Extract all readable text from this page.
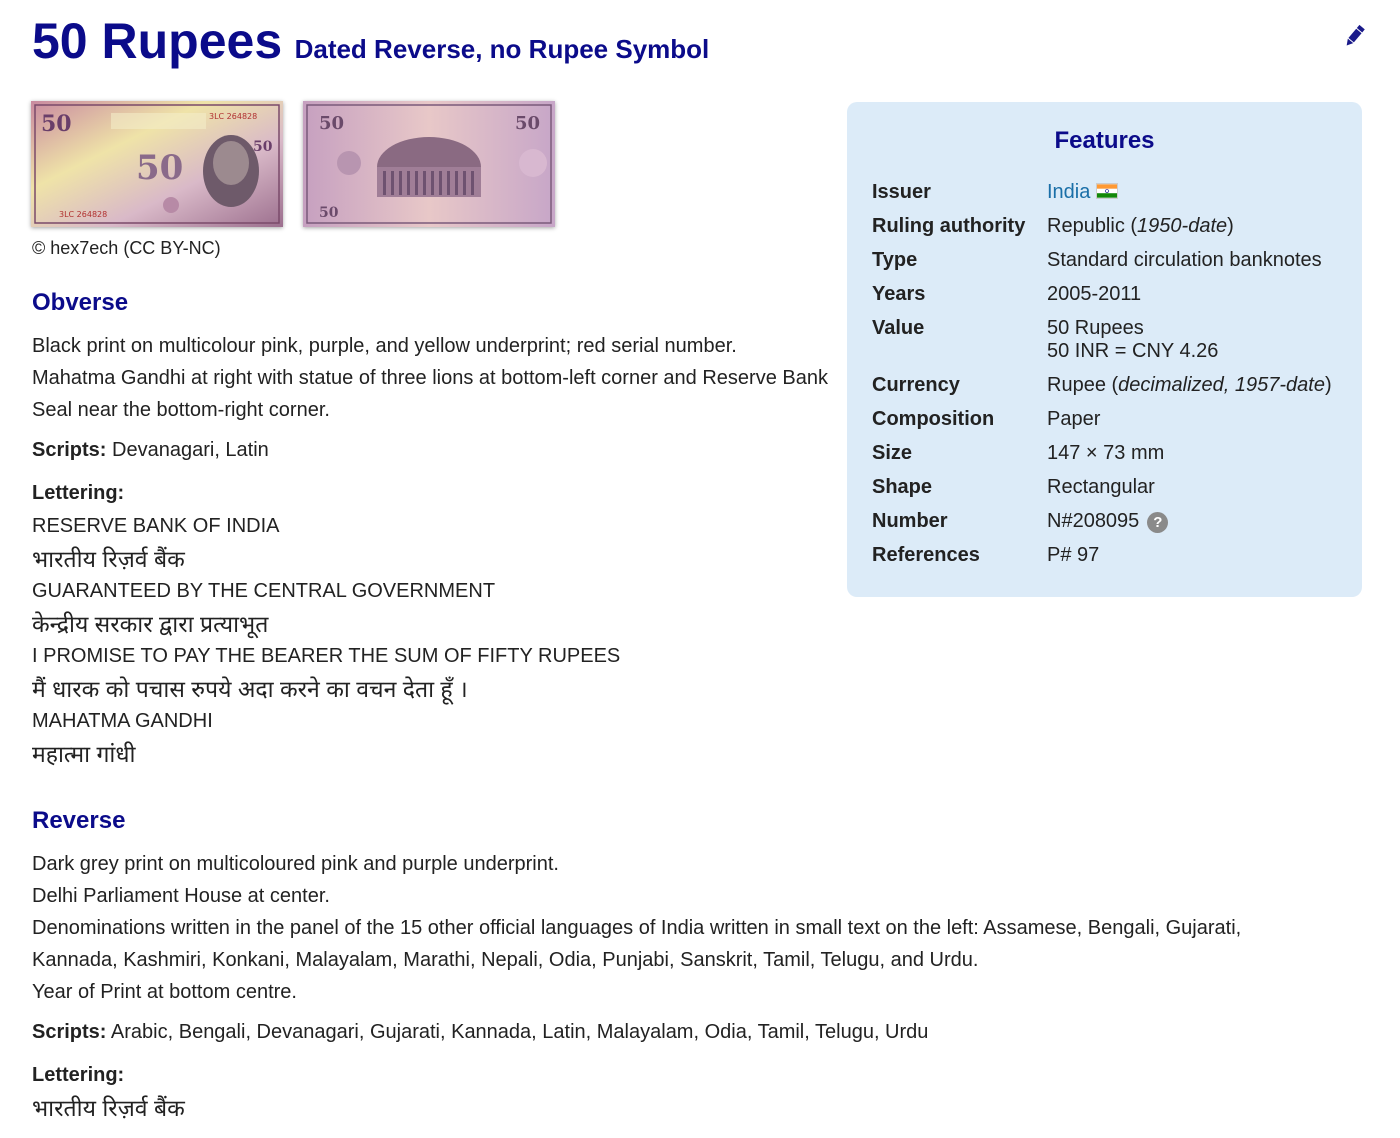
50 Rupees Dated Reverse, no Rupee Symbol
50	3LC 264828
3LC 264828
50
50
50	50
50
© hex7ech (CC BY-NC)
Obverse
Black print on multicolour pink, purple, and yellow underprint; red serial number.
Mahatma Gandhi at right with statue of three lions at bottom-left corner and Reserve Bank Seal near the bottom-right corner.
Scripts: Devanagari, Latin
Lettering:
RESERVE BANK OF INDIA
भारतीय रिज़र्व बैंक
GUARANTEED BY THE CENTRAL GOVERNMENT
केन्द्रीय सरकार द्वारा प्रत्याभूत
I PROMISE TO PAY THE BEARER THE SUM OF FIFTY RUPEES
मैं धारक को पचास रुपये अदा करने का वचन देता हूँ ।
MAHATMA GANDHI
महात्मा गांधी
Reverse
Dark grey print on multicoloured pink and purple underprint.
Delhi Parliament House at center.
Denominations written in the panel of the 15 other official languages of India written in small text on the left: Assamese, Bengali, Gujarati, Kannada, Kashmiri, Konkani, Malayalam, Marathi, Nepali, Odia, Punjabi, Sanskrit, Tamil, Telugu, and Urdu.
Year of Print at bottom centre.
Scripts: Arabic, Bengali, Devanagari, Gujarati, Kannada, Latin, Malayalam, Odia, Tamil, Telugu, Urdu
Lettering:
भारतीय रिज़र्व बैंक
Features
Issuer	India
Ruling authority	Republic (1950-date)
Type	Standard circulation banknotes
Years	2005-2011
Value	50 Rupees
50 INR = CNY 4.26
Currency	Rupee (decimalized, 1957-date)
Composition	Paper
Size	147 × 73 mm
Shape	Rectangular
Number	N#208095 ?
References	P# 97
